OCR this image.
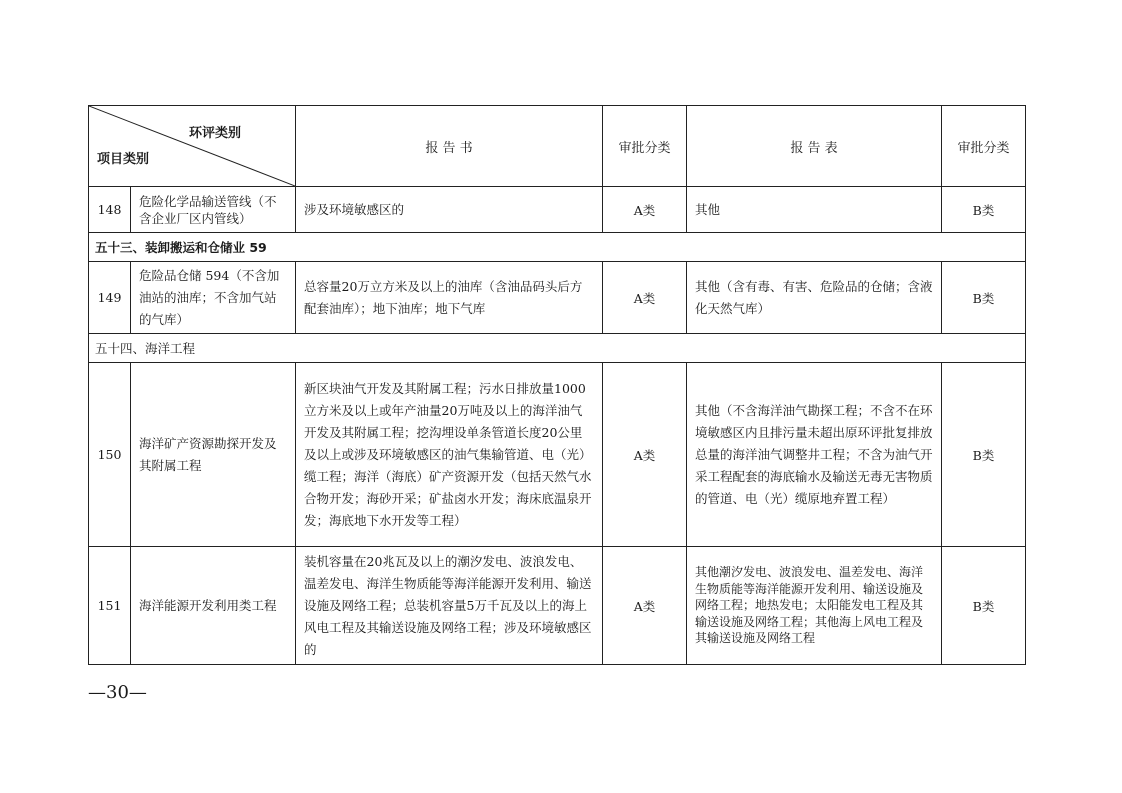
环评类别
项目类别		报 告 书	审批分类	报 告 表	审批分类
148	危险化学品输送管线（不含企业厂区内管线）	涉及环境敏感区的	A类	其他	B类
五十三、装卸搬运和仓储业 59					
149	危险品仓储 594（不含加油站的油库；不含加气站的气库）	总容量20万立方米及以上的油库（含油品码头后方配套油库）；地下油库；地下气库	A类	其他（含有毒、有害、危险品的仓储；含液化天然气库）	B类
五十四、海洋工程					
150	海洋矿产资源勘探开发及其附属工程	新区块油气开发及其附属工程；污水日排放量1000立方米及以上或年产油量20万吨及以上的海洋油气开发及其附属工程；挖沟埋设单条管道长度20公里及以上或涉及环境敏感区的油气集输管道、电（光）缆工程；海洋（海底）矿产资源开发（包括天然气水合物开发；海砂开采；矿盐卤水开发；海床底温泉开发；海底地下水开发等工程）	A类	其他（不含海洋油气勘探工程；不含不在环境敏感区内且排污量未超出原环评批复排放总量的海洋油气调整井工程；不含为油气开采工程配套的海底输水及输送无毒无害物质的管道、电（光）缆原地弃置工程）	B类
151	海洋能源开发利用类工程	装机容量在20兆瓦及以上的潮汐发电、波浪发电、温差发电、海洋生物质能等海洋能源开发利用、输送设施及网络工程；总装机容量5万千瓦及以上的海上风电工程及其输送设施及网络工程；涉及环境敏感区的	A类	其他潮汐发电、波浪发电、温差发电、海洋生物质能等海洋能源开发利用、输送设施及网络工程；地热发电；太阳能发电工程及其输送设施及网络工程；其他海上风电工程及其输送设施及网络工程	B类
—30—
